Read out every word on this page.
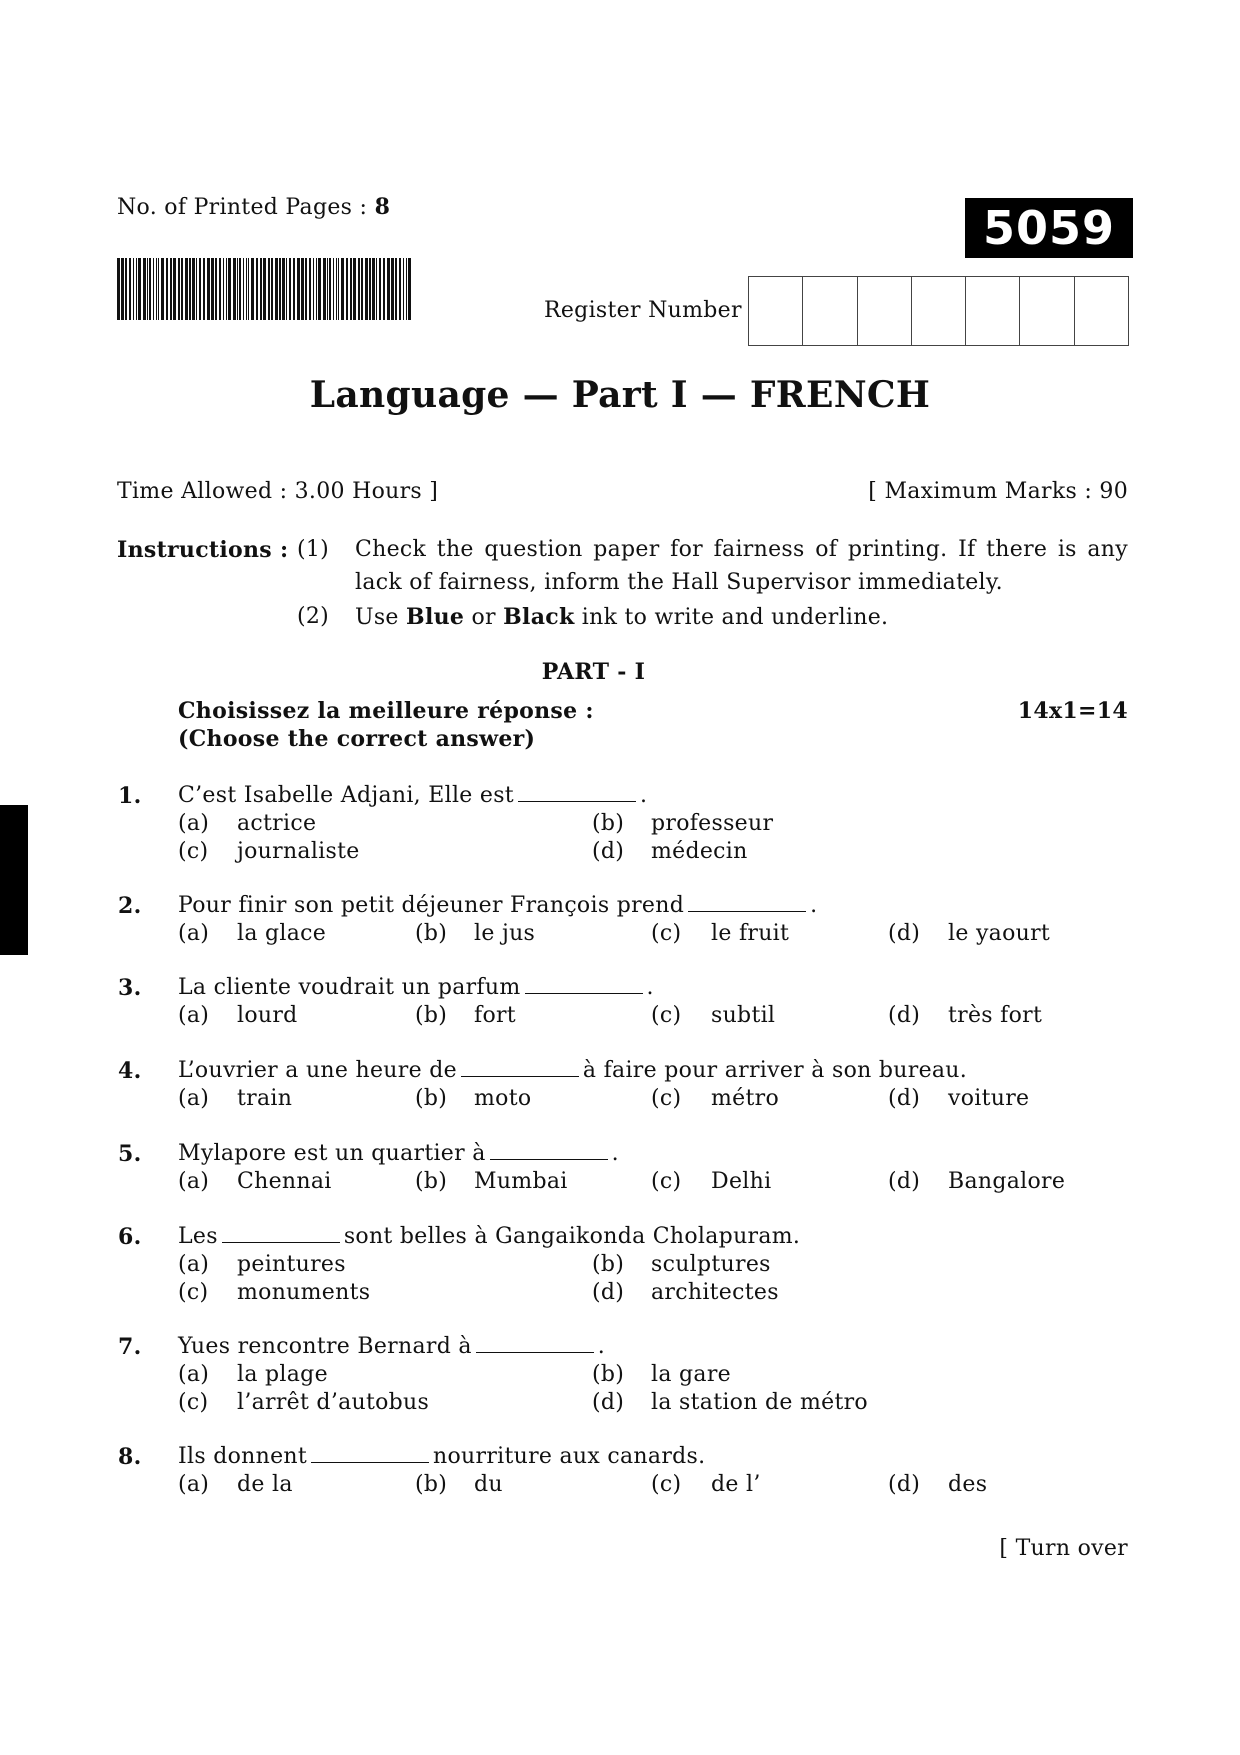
No. of Printed Pages : 8	5059
Register Number
Language — Part I — FRENCH
Time Allowed : 3.00 Hours ]	[ Maximum Marks : 90
Instructions : (1) Check the question paper for fairness of printing. If there is any
lack of fairness, inform the Hall Supervisor immediately.
(2) Use Blue or Black ink to write and underline.
PART - I
Choisissez la meilleure réponse :
(Choose the correct answer)
14x1=14
1. C’est Isabelle Adjani, Elle est	.
(a) actrice	(b) professeur
(c) journaliste	(d) médecin
2. Pour finir son petit déjeuner François prend	.
(a) la glace	(b) le jus	(c) le fruit	(d) le yaourt
3. La cliente voudrait un parfum	.
(a) lourd	(b) fort	(c) subtil	(d) très fort
4. L’ouvrier a une heure de	à faire pour arriver à son bureau.
(a) train	(b) moto	(c) métro	(d) voiture
5. Mylapore est un quartier à	.
(a) Chennai	(b) Mumbai	(c) Delhi	(d) Bangalore
6. Les	sont belles à Gangaikonda Cholapuram.
(a) peintures	(b) sculptures
(c) monuments	(d) architectes
7. Yues rencontre Bernard à	.
(a) la plage	(b) la gare
(c) l’arrêt d’autobus	(d) la station de métro
8. Ils donnent	nourriture aux canards.
(a) de la	(b) du	(c) de l’	(d) des
[ Turn over
